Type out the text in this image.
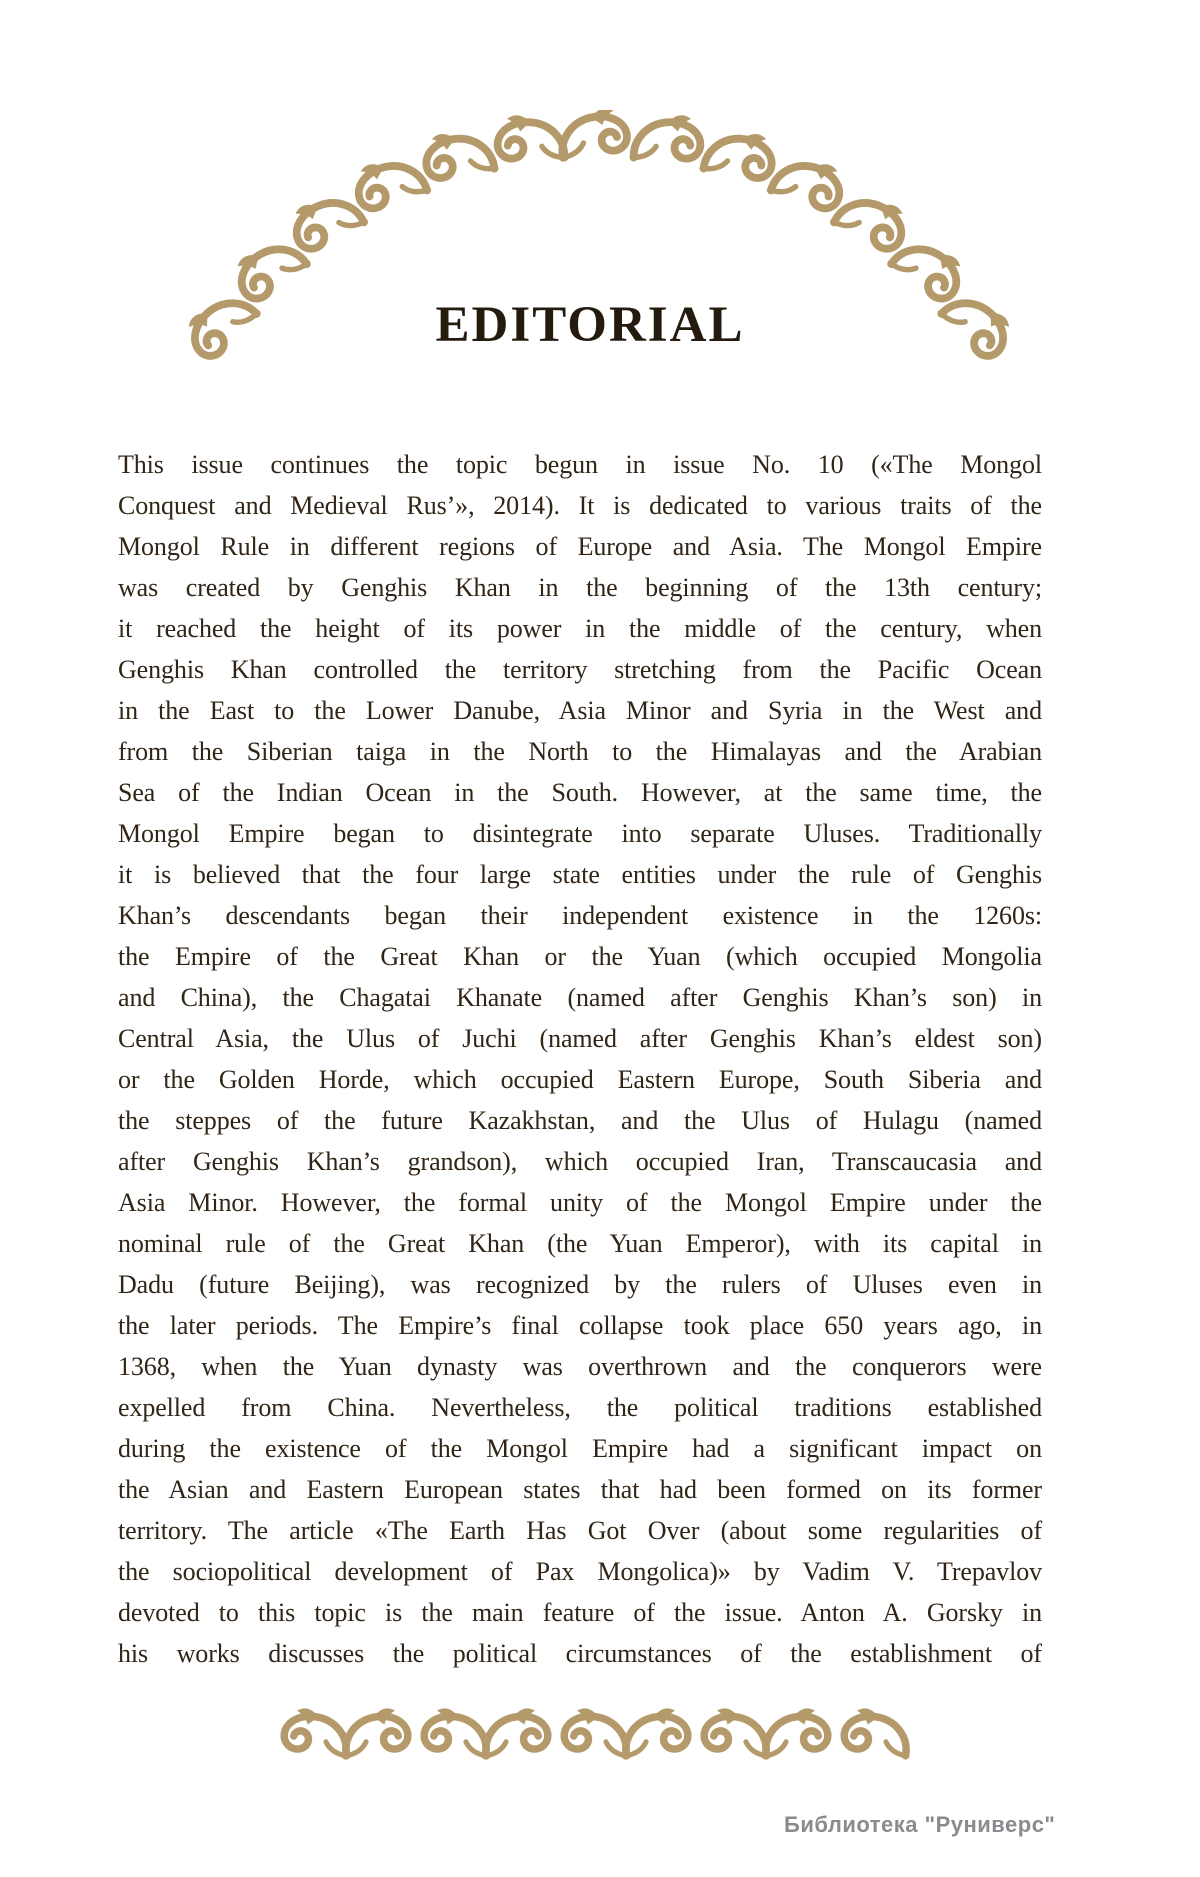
EDITORIAL
This issue continues the topic begun in issue No. 10 («The Mongol
Conquest and Medieval Rus’», 2014). It is dedicated to various traits of the
Mongol Rule in different regions of Europe and Asia. The Mongol Empire
was created by Genghis Khan in the beginning of the 13th century;
it reached the height of its power in the middle of the century, when
Genghis Khan controlled the territory stretching from the Pacific Ocean
in the East to the Lower Danube, Asia Minor and Syria in the West and
from the Siberian taiga in the North to the Himalayas and the Arabian
Sea of the Indian Ocean in the South. However, at the same time, the
Mongol Empire began to disintegrate into separate Uluses. Traditionally
it is believed that the four large state entities under the rule of Genghis
Khan’s descendants began their independent existence in the 1260s:
the Empire of the Great Khan or the Yuan (which occupied Mongolia
and China), the Chagatai Khanate (named after Genghis Khan’s son) in
Central Asia, the Ulus of Juchi (named after Genghis Khan’s eldest son)
or the Golden Horde, which occupied Eastern Europe, South Siberia and
the steppes of the future Kazakhstan, and the Ulus of Hulagu (named
after Genghis Khan’s grandson), which occupied Iran, Transcaucasia and
Asia Minor. However, the formal unity of the Mongol Empire under the
nominal rule of the Great Khan (the Yuan Emperor), with its capital in
Dadu (future Beijing), was recognized by the rulers of Uluses even in
the later periods. The Empire’s final collapse took place 650 years ago, in
1368, when the Yuan dynasty was overthrown and the conquerors were
expelled from China. Nevertheless, the political traditions established
during the existence of the Mongol Empire had a significant impact on
the Asian and Eastern European states that had been formed on its former
territory. The article «The Earth Has Got Over (about some regularities of
the sociopolitical development of Pax Mongolica)» by Vadim V. Trepavlov
devoted to this topic is the main feature of the issue. Anton A. Gorsky in
his works discusses the political circumstances of the establishment of
Библиотека "Руниверс"
